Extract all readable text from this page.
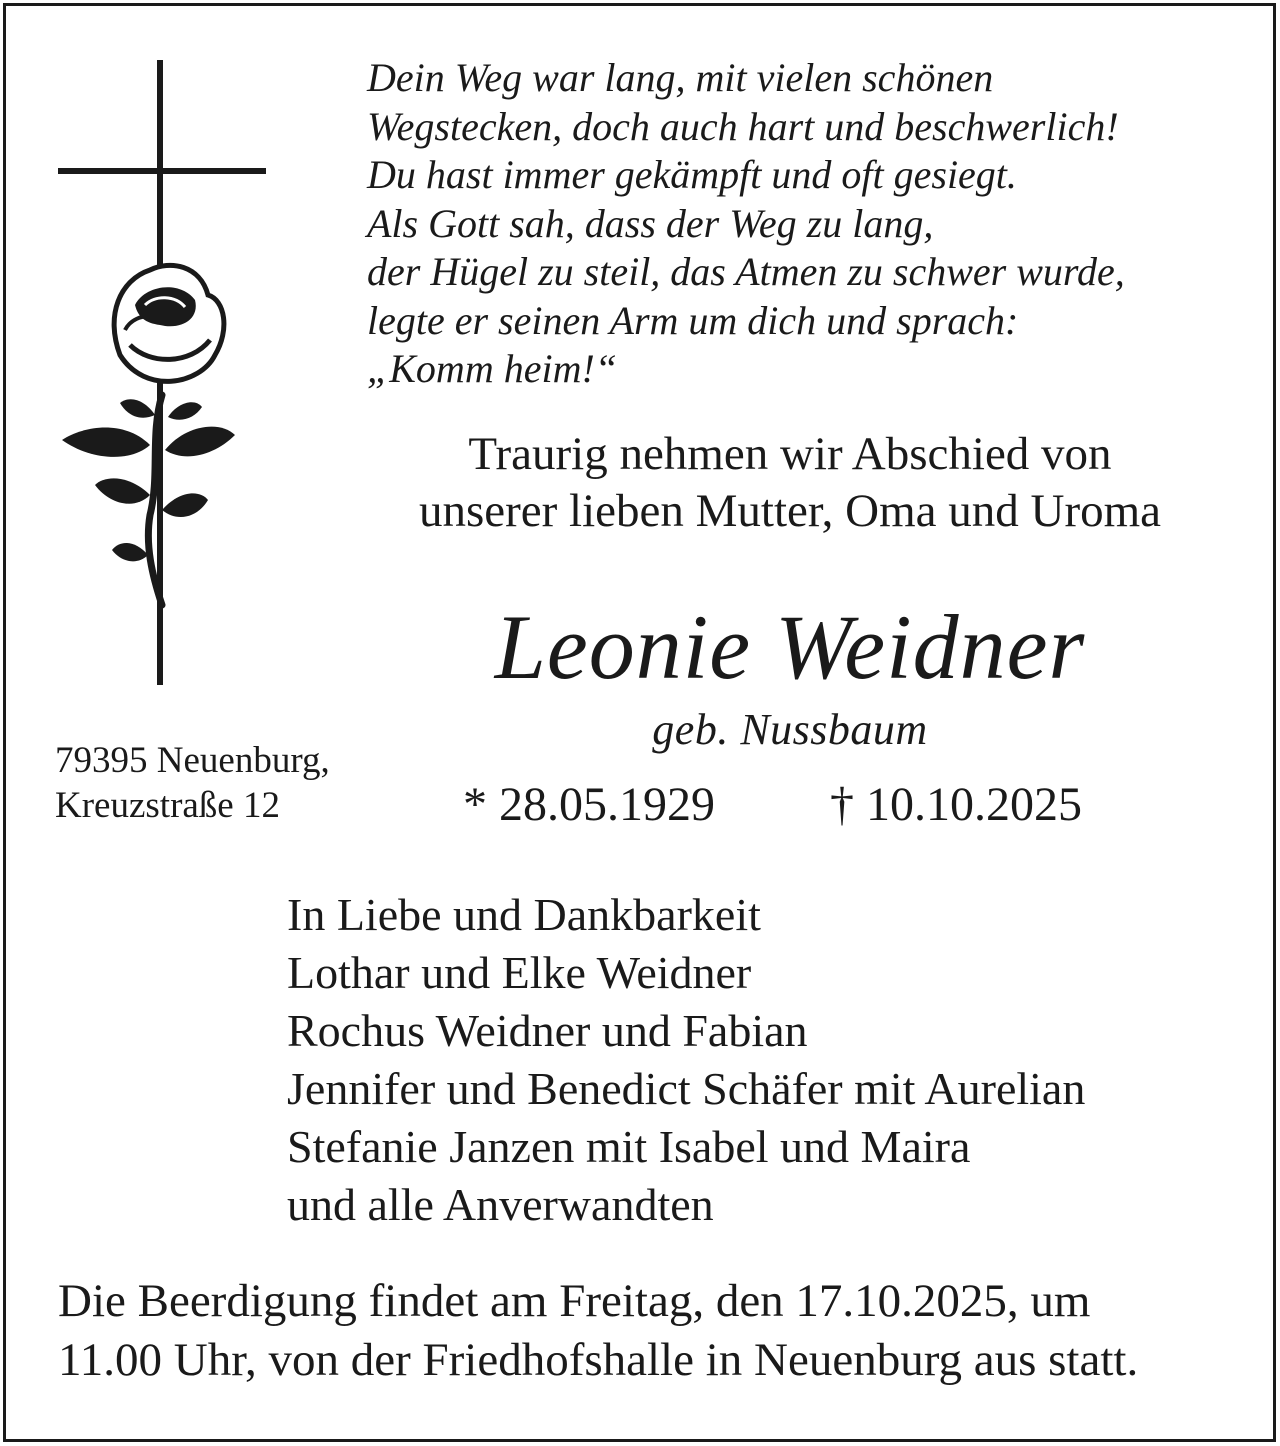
Dein Weg war lang, mit vielen schönen
Wegstecken, doch auch hart und beschwerlich!
Du hast immer gekämpft und oft gesiegt.
Als Gott sah, dass der Weg zu lang,
der Hügel zu steil, das Atmen zu schwer wurde,
legte er seinen Arm um dich und sprach:
„Komm heim!“
Traurig nehmen wir Abschied von
unserer lieben Mutter, Oma und Uroma
Leonie Weidner
geb. Nussbaum
* 28.05.1929 † 10.10.2025
79395 Neuenburg,
Kreuzstraße 12
In Liebe und Dankbarkeit
Lothar und Elke Weidner
Rochus Weidner und Fabian
Jennifer und Benedict Schäfer mit Aurelian
Stefanie Janzen mit Isabel und Maira
und alle Anverwandten
Die Beerdigung findet am Freitag, den 17.10.2025, um
11.00 Uhr, von der Friedhofshalle in Neuenburg aus statt.
